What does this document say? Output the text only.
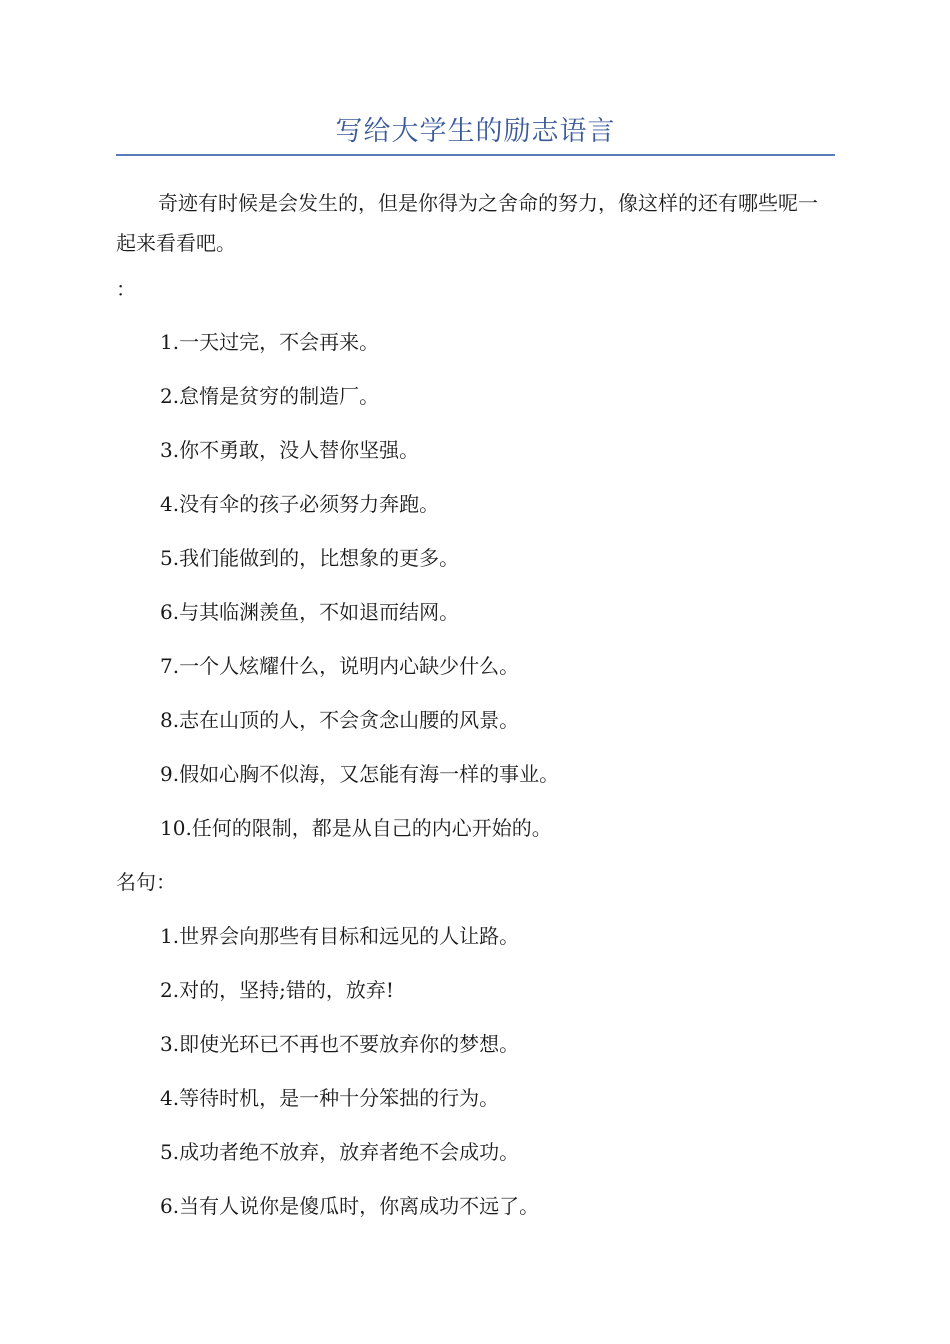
写给大学生的励志语言
奇迹有时候是会发生的，但是你得为之舍命的努力，像这样的还有哪些呢一起来看看吧。
：
1.一天过完，不会再来。
2.怠惰是贫穷的制造厂。
3.你不勇敢，没人替你坚强。
4.没有伞的孩子必须努力奔跑。
5.我们能做到的，比想象的更多。
6.与其临渊羡鱼，不如退而结网。
7.一个人炫耀什么，说明内心缺少什么。
8.志在山顶的人，不会贪念山腰的风景。
9.假如心胸不似海，又怎能有海一样的事业。
10.任何的限制，都是从自己的内心开始的。
名句：
1.世界会向那些有目标和远见的人让路。
2.对的，坚持;错的，放弃!
3.即使光环已不再也不要放弃你的梦想。
4.等待时机，是一种十分笨拙的行为。
5.成功者绝不放弃，放弃者绝不会成功。
6.当有人说你是傻瓜时，你离成功不远了。
